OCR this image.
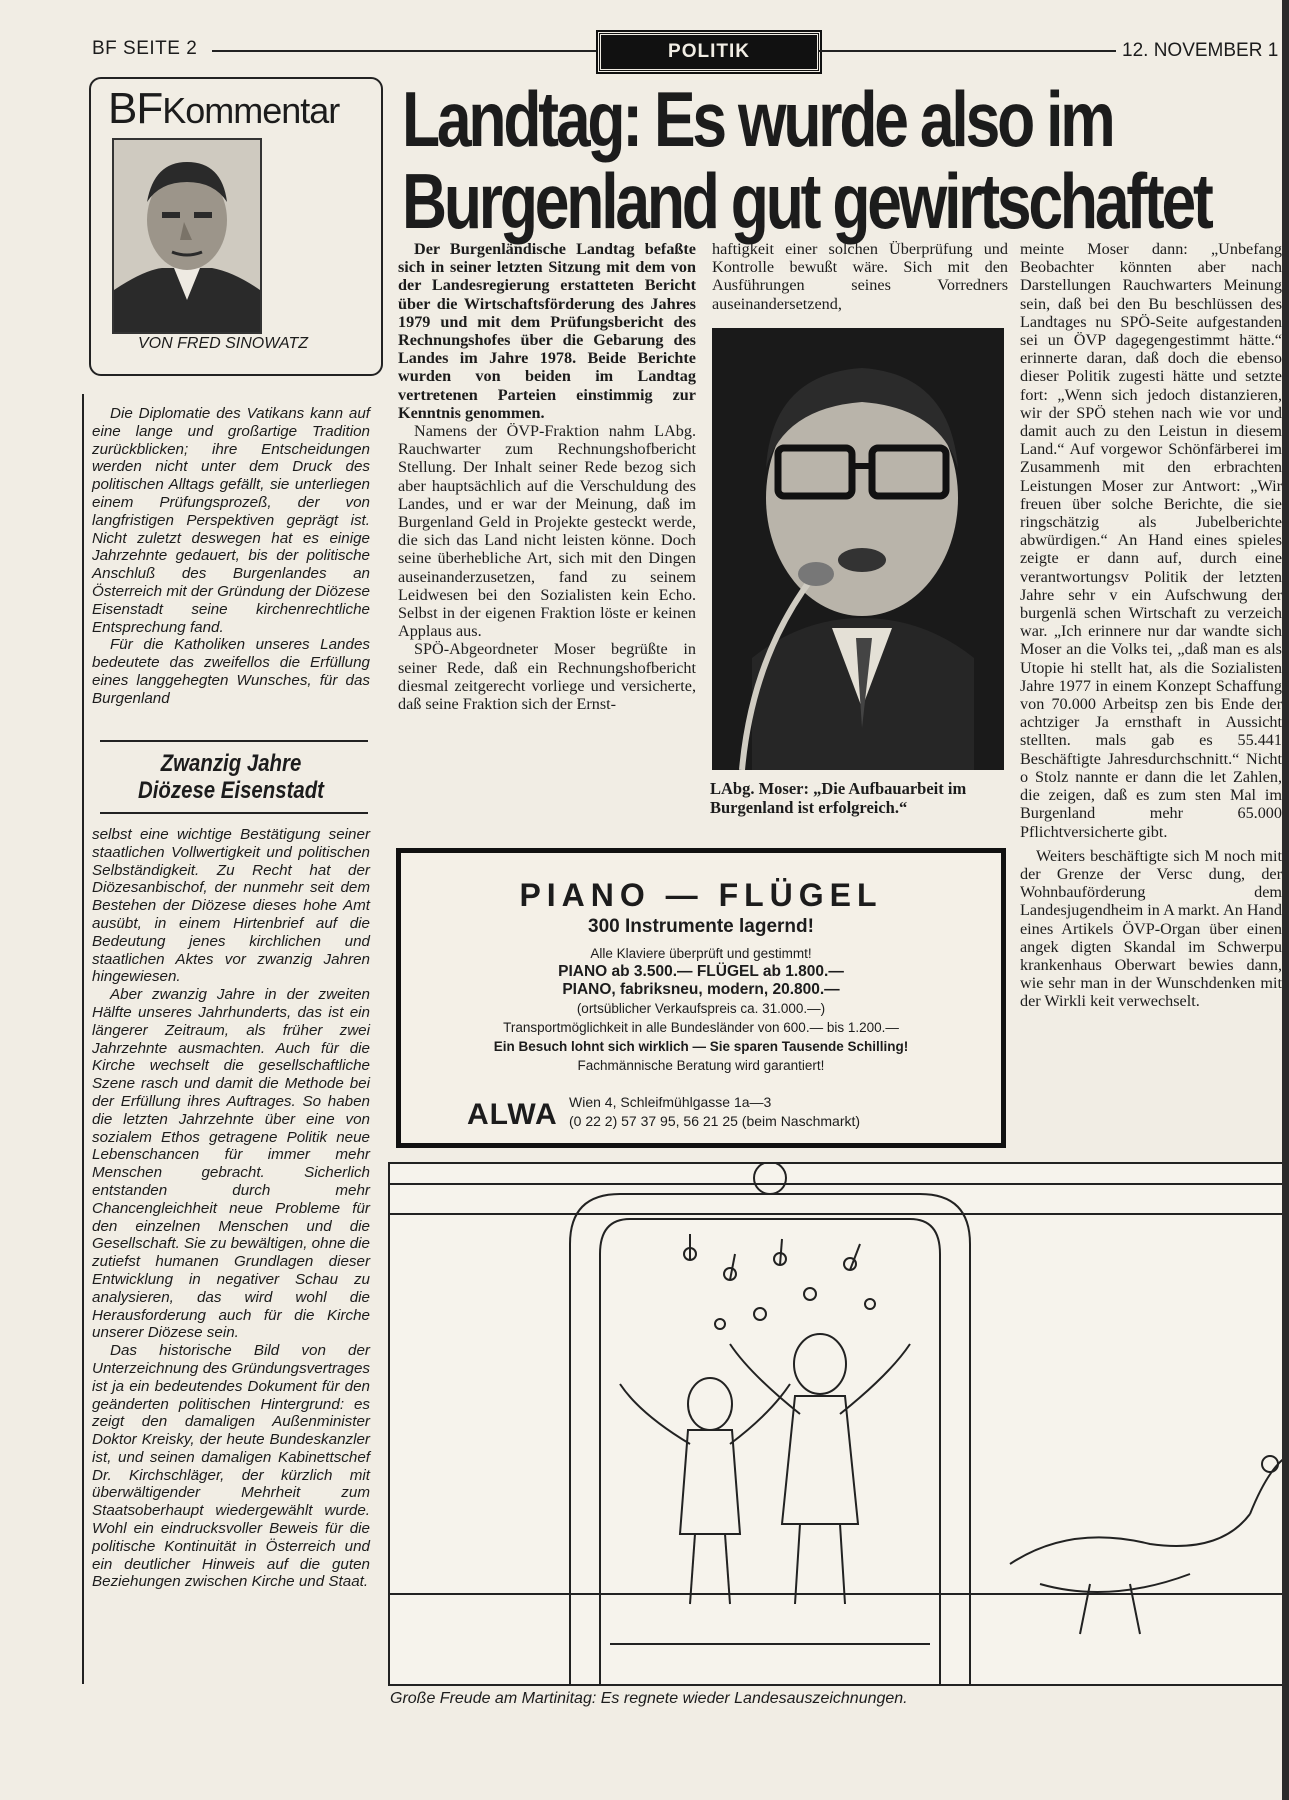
BF SEITE 2	POLITIK	12. NOVEMBER 1
BFKommentar
VON FRED SINOWATZ

Die Diplomatie des Vatikans kann auf eine lange und großartige Tradition zurückblicken; ihre Entscheidungen werden nicht unter dem Druck des politischen Alltags gefällt, sie unterliegen einem Prüfungsprozeß, der von langfristigen Perspektiven geprägt ist. Nicht zuletzt deswegen hat es einige Jahrzehnte gedauert, bis der politische Anschluß des Burgenlandes an Österreich mit der Gründung der Diözese Eisenstadt seine kirchenrechtliche Entsprechung fand.

Für die Katholiken unseres Landes bedeutete das zweifellos die Erfüllung eines langgehegten Wunsches, für das Burgenland

Zwanzig Jahre
Diözese Eisenstadt

selbst eine wichtige Bestätigung seiner staatlichen Vollwertigkeit und politischen Selbständigkeit. Zu Recht hat der Diözesanbischof, der nunmehr seit dem Bestehen der Diözese dieses hohe Amt ausübt, in einem Hirtenbrief auf die Bedeutung jenes kirchlichen und staatlichen Aktes vor zwanzig Jahren hingewiesen.

Aber zwanzig Jahre in der zweiten Hälfte unseres Jahrhunderts, das ist ein längerer Zeitraum, als früher zwei Jahrzehnte ausmachten. Auch für die Kirche wechselt die gesellschaftliche Szene rasch und damit die Methode bei der Erfüllung ihres Auftrages. So haben die letzten Jahrzehnte über eine von sozialem Ethos getragene Politik neue Lebenschancen für immer mehr Menschen gebracht. Sicherlich entstanden durch mehr Chancengleichheit neue Probleme für den einzelnen Menschen und die Gesellschaft. Sie zu bewältigen, ohne die zutiefst humanen Grundlagen dieser Entwicklung in negativer Schau zu analysieren, das wird wohl die Herausforderung auch für die Kirche unserer Diözese sein.

Das historische Bild von der Unterzeichnung des Gründungsvertrages ist ja ein bedeutendes Dokument für den geänderten politischen Hintergrund: es zeigt den damaligen Außenminister Doktor Kreisky, der heute Bundeskanzler ist, und seinen damaligen Kabinettschef Dr. Kirchschläger, der kürzlich mit überwältigender Mehrheit zum Staatsoberhaupt wiedergewählt wurde. Wohl ein eindrucksvoller Beweis für die politische Kontinuität in Österreich und ein deutlicher Hinweis auf die guten Beziehungen zwischen Kirche und Staat.

Landtag: Es wurde also im
Burgenland gut gewirtschaftet

Der Burgenländische Landtag befaßte sich in seiner letzten Sitzung mit dem von der Landesregierung erstatteten Bericht über die Wirtschaftsförderung des Jahres 1979 und mit dem Prüfungsbericht des Rechnungshofes über die Gebarung des Landes im Jahre 1978. Beide Berichte wurden von beiden im Landtag vertretenen Parteien einstimmig zur Kenntnis genommen.

Namens der ÖVP-Fraktion nahm LAbg. Rauchwarter zum Rechnungshofbericht Stellung. Der Inhalt seiner Rede bezog sich aber hauptsächlich auf die Verschuldung des Landes, und er war der Meinung, daß im Burgenland Geld in Projekte gesteckt werde, die sich das Land nicht leisten könne. Doch seine überhebliche Art, sich mit den Dingen auseinanderzusetzen, fand zu seinem Leidwesen bei den Sozialisten kein Echo. Selbst in der eigenen Fraktion löste er keinen Applaus aus.

SPÖ-Abgeordneter Moser begrüßte in seiner Rede, daß ein Rechnungshofbericht diesmal zeitgerecht vorliege und versicherte, daß seine Fraktion sich der Ernst-

haftigkeit einer solchen Überprüfung und Kontrolle bewußt wäre. Sich mit den Ausführungen seines Vorredners auseinandersetzend,

LAbg. Moser: „Die Aufbauarbeit im Burgenland ist erfolgreich.“

meinte Moser dann: „Unbefang Beobachter könnten aber nach Darstellungen Rauchwarters Meinung sein, daß bei den Bu beschlüssen des Landtages nu SPÖ-Seite aufgestanden sei un ÖVP dagegengestimmt hätte.“ erinnerte daran, daß doch die ebenso dieser Politik zugesti hätte und setzte fort: „Wenn sich jedoch distanzieren, wir der SPÖ stehen nach wie vor und damit auch zu den Leistun in diesem Land.“ Auf vorgewor Schönfärberei im Zusammenh mit den erbrachten Leistungen Moser zur Antwort: „Wir freuen über solche Berichte, die sie ringschätzig als Jubelberichte abwürdigen.“ An Hand eines spieles zeigte er dann auf, durch eine verantwortungsv Politik der letzten Jahre sehr v ein Aufschwung der burgenlä schen Wirtschaft zu verzeich war. „Ich erinnere nur dar wandte sich Moser an die Volks tei, „daß man es als Utopie hi stellt hat, als die Sozialisten Jahre 1977 in einem Konzept Schaffung von 70.000 Arbeitsp zen bis Ende der achtziger Ja ernsthaft in Aussicht stellten. mals gab es 55.441 Beschäftigte Jahresdurchschnitt.“ Nicht o Stolz nannte er dann die let Zahlen, die zeigen, daß es zum sten Mal im Burgenland mehr 65.000 Pflichtversicherte gibt.

Weiters beschäftigte sich M noch mit der Grenze der Versc dung, der Wohnbauförderung dem Landesjugendheim in A markt. An Hand eines Artikels ÖVP-Organ über einen angek digten Skandal im Schwerpu krankenhaus Oberwart bewies dann, wie sehr man in der Wunschdenken mit der Wirkli keit verwechselt.

PIANO — FLÜGEL
300 Instrumente lagernd!
Alle Klaviere überprüft und gestimmt!
PIANO ab 3.500.— FLÜGEL ab 1.800.—
PIANO, fabriksneu, modern, 20.800.—
(ortsüblicher Verkaufspreis ca. 31.000.—)
Transportmöglichkeit in alle Bundesländer von 600.— bis 1.200.—
Ein Besuch lohnt sich wirklich — Sie sparen Tausende Schilling!
Fachmännische Beratung wird garantiert!
ALWA Wien 4, Schleifmühlgasse 1a—3
(0 22 2) 57 37 95, 56 21 25 (beim Naschmarkt)
Große Freude am Martinitag: Es regnete wieder Landesauszeichnungen.
